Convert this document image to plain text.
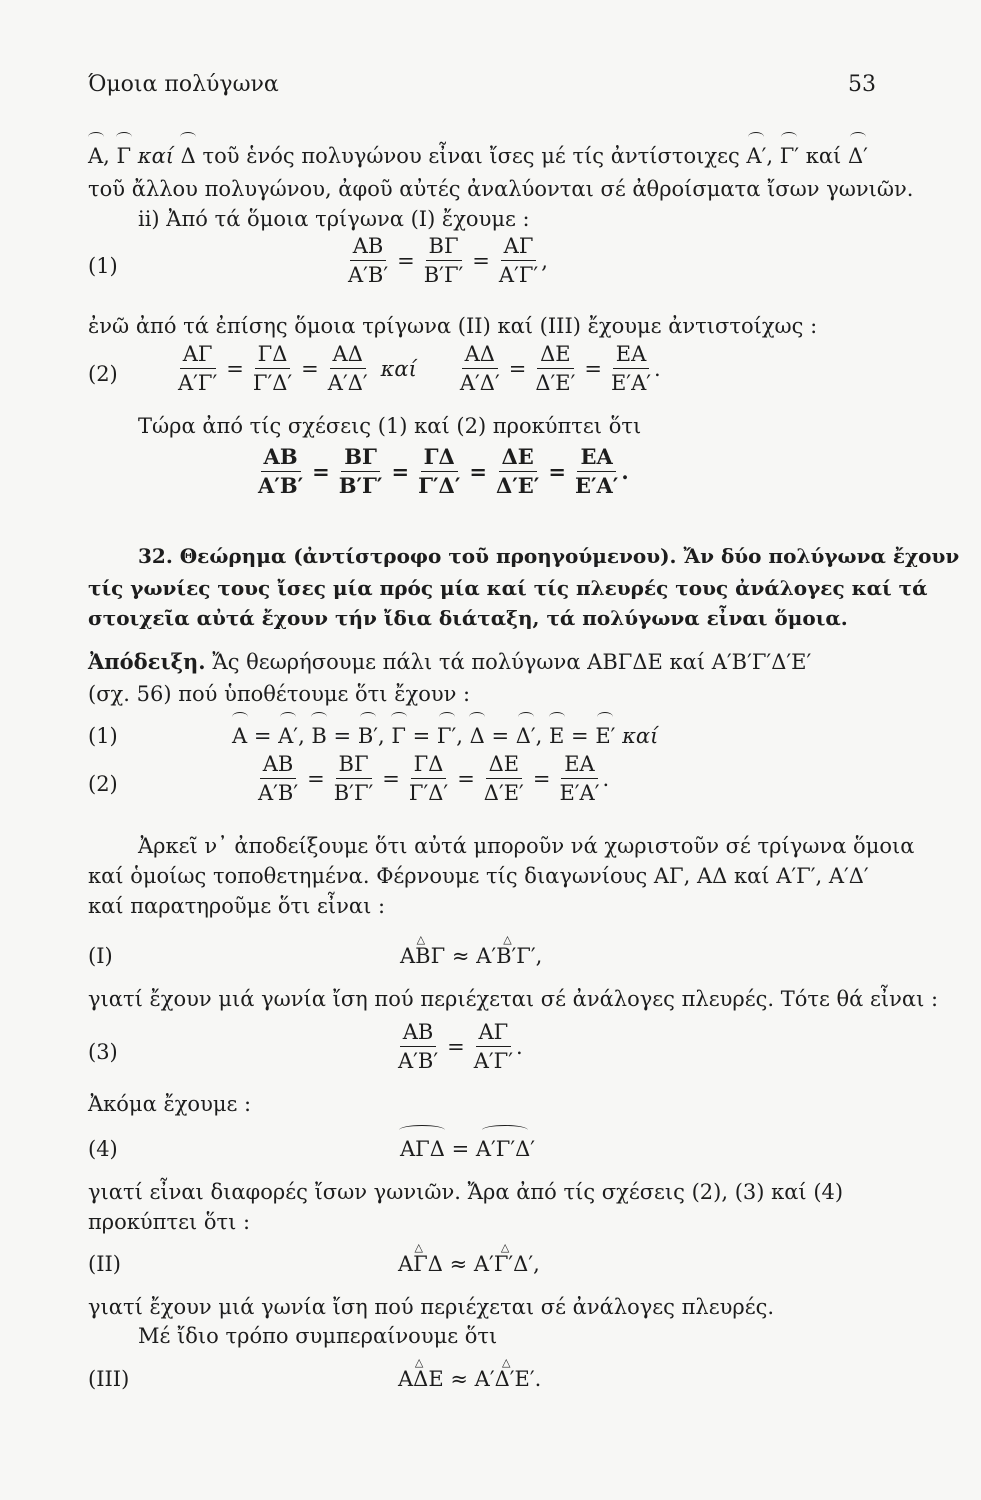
Όμοια πολύγωνα	53
Α, Γ καί Δ τοῦ ἑνός πολυγώνου εἶναι ἴσες μέ τίς ἀντίστοιχες Α′, Γ′ καί Δ′
τοῦ ἄλλου πολυγώνου, ἀφοῦ αὐτές ἀναλύονται σέ ἀθροίσματα ἴσων γωνιῶν.
ii) Ἀπό τά ὅμοια τρίγωνα (Ι) ἔχουμε :
(1)	$\frac{AB}{A'B'} = \frac{B\Gamma}{B'\Gamma'} = \frac{A\Gamma}{A'\Gamma'}$ ,
ἐνῶ ἀπό τά ἐπίσης ὅμοια τρίγωνα (ΙΙ) καί (ΙΙΙ) ἔχουμε ἀντιστοίχως :
(2)	$\frac{A\Gamma}{A'\Gamma'} = \frac{\Gamma\Delta}{\Gamma'\Delta'} = \frac{A\Delta}{A'\Delta'}$ καί $\frac{A\Delta}{A'\Delta'} = \frac{\Delta E}{\Delta'E'} = \frac{EA}{E'A'}$ .
Τώρα ἀπό τίς σχέσεις (1) καί (2) προκύπτει ὅτι
$\frac{AB}{A'B'} = \frac{B\Gamma}{B'\Gamma'} = \frac{\Gamma\Delta}{\Gamma'\Delta'} = \frac{\Delta E}{\Delta'E'} = \frac{EA}{E'A'}$ .
32. Θεώρημα (ἀντίστροφο τοῦ προηγούμενου). Ἄν δύο πολύγωνα ἔχουν
τίς γωνίες τους ἴσες μία πρός μία καί τίς πλευρές τους ἀνάλογες καί τά
στοιχεῖα αὐτά ἔχουν τήν ἴδια διάταξη, τά πολύγωνα εἶναι ὅμοια.
Ἀπόδειξη. Ἄς θεωρήσουμε πάλι τά πολύγωνα ΑΒΓΔΕ καί Α′Β′Γ′Δ′Ε′
(σχ. 56) πού ὑποθέτουμε ὅτι ἔχουν :
(1)	Α = Α′, Β = Β′, Γ = Γ′, Δ = Δ′, Ε = Ε′ καί
(2)	$\frac{AB}{A'B'} = \frac{B\Gamma}{B'\Gamma'} = \frac{\Gamma\Delta}{\Gamma'\Delta'} = \frac{\Delta E}{\Delta'E'} = \frac{EA}{E'A'}$ .
Ἀρκεῖ ν᾽ ἀποδείξουμε ὅτι αὐτά μποροῦν νά χωριστοῦν σέ τρίγωνα ὅμοια
καί ὁμοίως τοποθετημένα. Φέρνουμε τίς διαγωνίους ΑΓ, ΑΔ καί Α′Γ′, Α′Δ′
καί παρατηροῦμε ὅτι εἶναι :
(Ι)	△ ΑΒΓ ≈ △ Α′Β′Γ′,
γιατί ἔχουν μιά γωνία ἴση πού περιέχεται σέ ἀνάλογες πλευρές. Τότε θά εἶναι :
(3)	$\frac{AB}{A'B'} = \frac{A\Gamma}{A'\Gamma'}$ .
Ἀκόμα ἔχουμε :
(4)	ΑΓΔ = Α′Γ′Δ′
γιατί εἶναι διαφορές ἴσων γωνιῶν. Ἄρα ἀπό τίς σχέσεις (2), (3) καί (4)
προκύπτει ὅτι :
(ΙΙ)	△ ΑΓΔ ≈ △ Α′Γ′Δ′,
γιατί ἔχουν μιά γωνία ἴση πού περιέχεται σέ ἀνάλογες πλευρές.
Μέ ἴδιο τρόπο συμπεραίνουμε ὅτι
(ΙΙΙ)	△ ΑΔΕ ≈ △ Α′Δ′Ε′.
